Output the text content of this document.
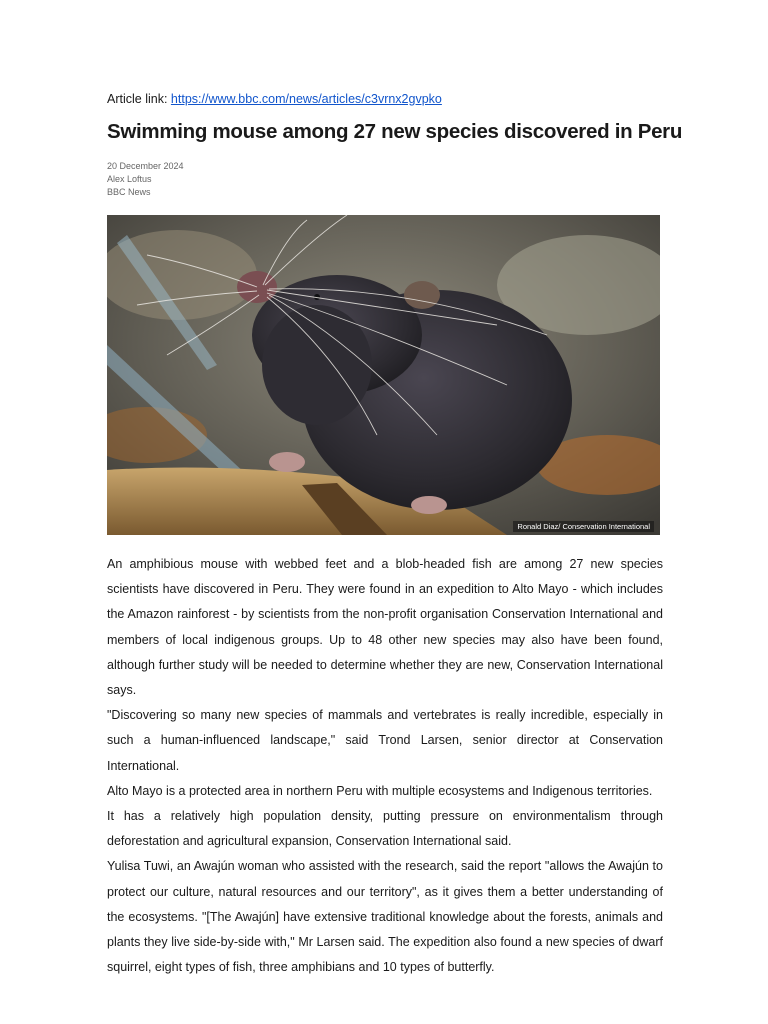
Article link: https://www.bbc.com/news/articles/c3vrnx2gvpko
Swimming mouse among 27 new species discovered in Peru
20 December 2024
Alex Loftus
BBC News
Ronald Diaz/ Conservation International

An amphibious mouse with webbed feet and a blob-headed fish are among 27 new species scientists have discovered in Peru. They were found in an expedition to Alto Mayo - which includes the Amazon rainforest - by scientists from the non-profit organisation Conservation International and members of local indigenous groups. Up to 48 other new species may also have been found, although further study will be needed to determine whether they are new, Conservation International says.

"Discovering so many new species of mammals and vertebrates is really incredible, especially in such a human-influenced landscape," said Trond Larsen, senior director at Conservation International.

Alto Mayo is a protected area in northern Peru with multiple ecosystems and Indigenous territories.

It has a relatively high population density, putting pressure on environmentalism through deforestation and agricultural expansion, Conservation International said.

Yulisa Tuwi, an Awajún woman who assisted with the research, said the report "allows the Awajún to protect our culture, natural resources and our territory", as it gives them a better understanding of the ecosystems. "[The Awajún] have extensive traditional knowledge about the forests, animals and plants they live side-by-side with," Mr Larsen said. The expedition also found a new species of dwarf squirrel, eight types of fish, three amphibians and 10 types of butterfly.
